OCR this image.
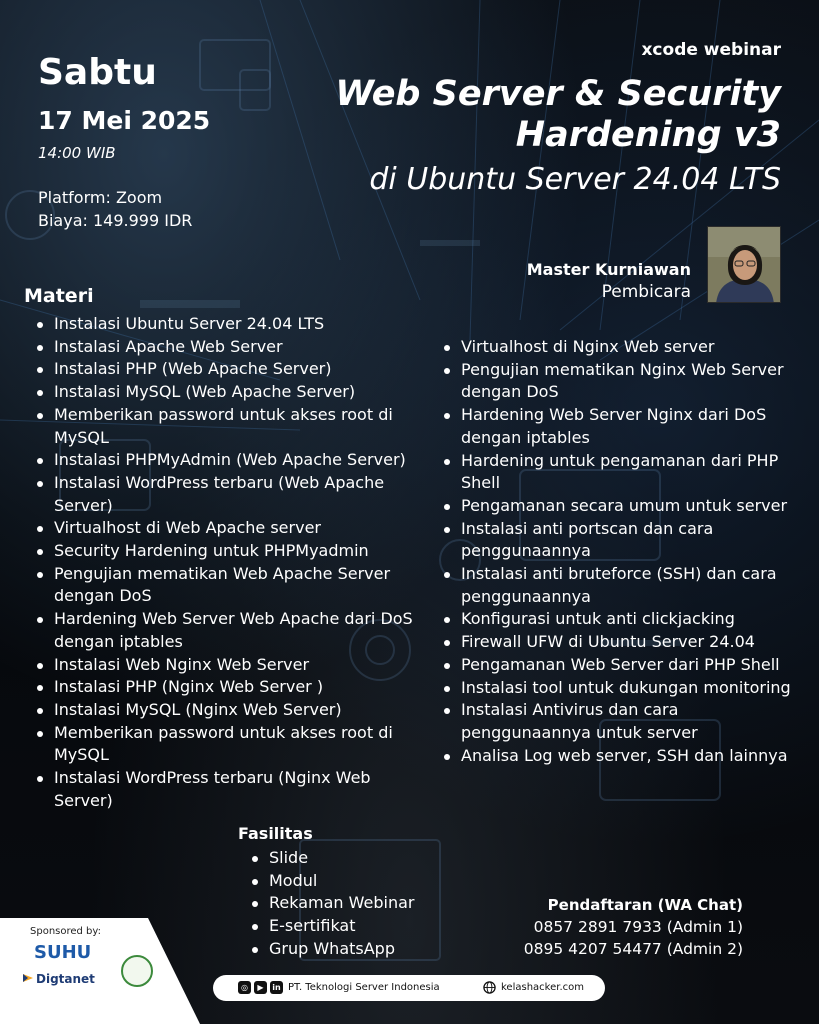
Sabtu
17 Mei 2025
14:00 WIB
Platform: Zoom
Biaya: 149.999 IDR
xcode webinar
Web Server & Security
Hardening v3
di Ubuntu Server 24.04 LTS
Master Kurniawan
Pembicara
Materi
Instalasi Ubuntu Server 24.04 LTS
Instalasi Apache Web Server
Instalasi PHP (Web Apache Server)
Instalasi MySQL (Web Apache Server)
Memberikan password untuk akses root di MySQL
Instalasi PHPMyAdmin (Web Apache Server)
Instalasi WordPress terbaru (Web Apache Server)
Virtualhost di Web Apache server
Security Hardening untuk PHPMyadmin
Pengujian mematikan Web Apache Server dengan DoS
Hardening Web Server Web Apache dari DoS dengan iptables
Instalasi Web Nginx Web Server
Instalasi PHP (Nginx Web Server )
Instalasi MySQL (Nginx Web Server)
Memberikan password untuk akses root di MySQL
Instalasi WordPress terbaru (Nginx Web Server)
Virtualhost di Nginx Web server
Pengujian mematikan Nginx Web Server dengan DoS
Hardening Web Server Nginx dari DoS dengan iptables
Hardening untuk pengamanan dari PHP Shell
Pengamanan secara umum untuk server
Instalasi anti portscan dan cara penggunaannya
Instalasi anti bruteforce (SSH) dan cara penggunaannya
Konfigurasi untuk anti clickjacking
Firewall UFW di Ubuntu Server 24.04
Pengamanan Web Server dari PHP Shell
Instalasi tool untuk dukungan monitoring
Instalasi Antivirus dan cara penggunaannya untuk server
Analisa Log web server, SSH dan lainnya
Fasilitas
Slide
Modul
Rekaman Webinar
E-sertifikat
Grup WhatsApp
Pendaftaran (WA Chat)
0857 2891 7933 (Admin 1)
0895 4207 54477 (Admin 2)
Sponsored by:
SUHU
Digtanet
◎	▶	in PT. Teknologi Server Indonesia	kelashacker.com
